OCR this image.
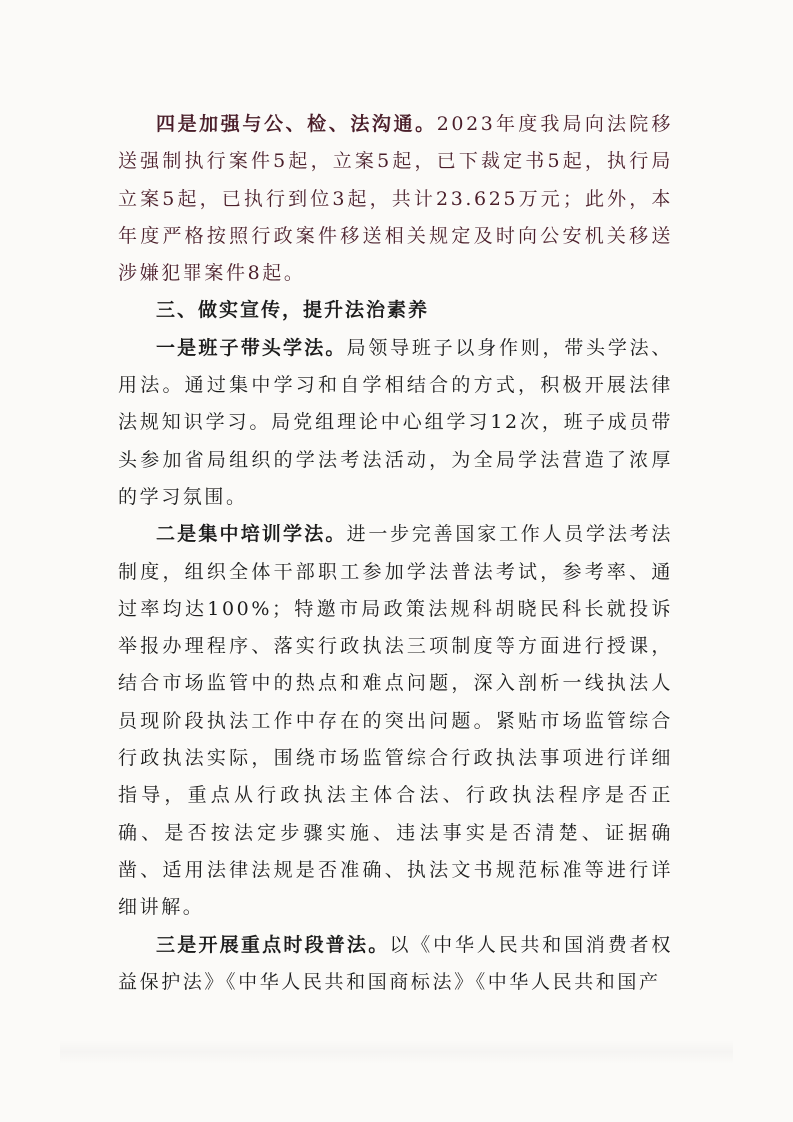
四是加强与公、检、法沟通。2023年度我局向法院移送强制执行案件5起，立案5起，已下裁定书5起，执行局立案5起，已执行到位3起，共计23.625万元；此外，本年度严格按照行政案件移送相关规定及时向公安机关移送涉嫌犯罪案件8起。

三、做实宣传，提升法治素养

一是班子带头学法。局领导班子以身作则，带头学法、用法。通过集中学习和自学相结合的方式，积极开展法律法规知识学习。局党组理论中心组学习12次，班子成员带头参加省局组织的学法考法活动，为全局学法营造了浓厚的学习氛围。

二是集中培训学法。进一步完善国家工作人员学法考法制度，组织全体干部职工参加学法普法考试，参考率、通过率均达100%；特邀市局政策法规科胡晓民科长就投诉举报办理程序、落实行政执法三项制度等方面进行授课，结合市场监管中的热点和难点问题，深入剖析一线执法人员现阶段执法工作中存在的突出问题。紧贴市场监管综合行政执法实际，围绕市场监管综合行政执法事项进行详细指导，重点从行政执法主体合法、行政执法程序是否正确、是否按法定步骤实施、违法事实是否清楚、证据确凿、适用法律法规是否准确、执法文书规范标准等进行详细讲解。

三是开展重点时段普法。以《中华人民共和国消费者权益保护法》《中华人民共和国商标法》《中华人民共和国产
